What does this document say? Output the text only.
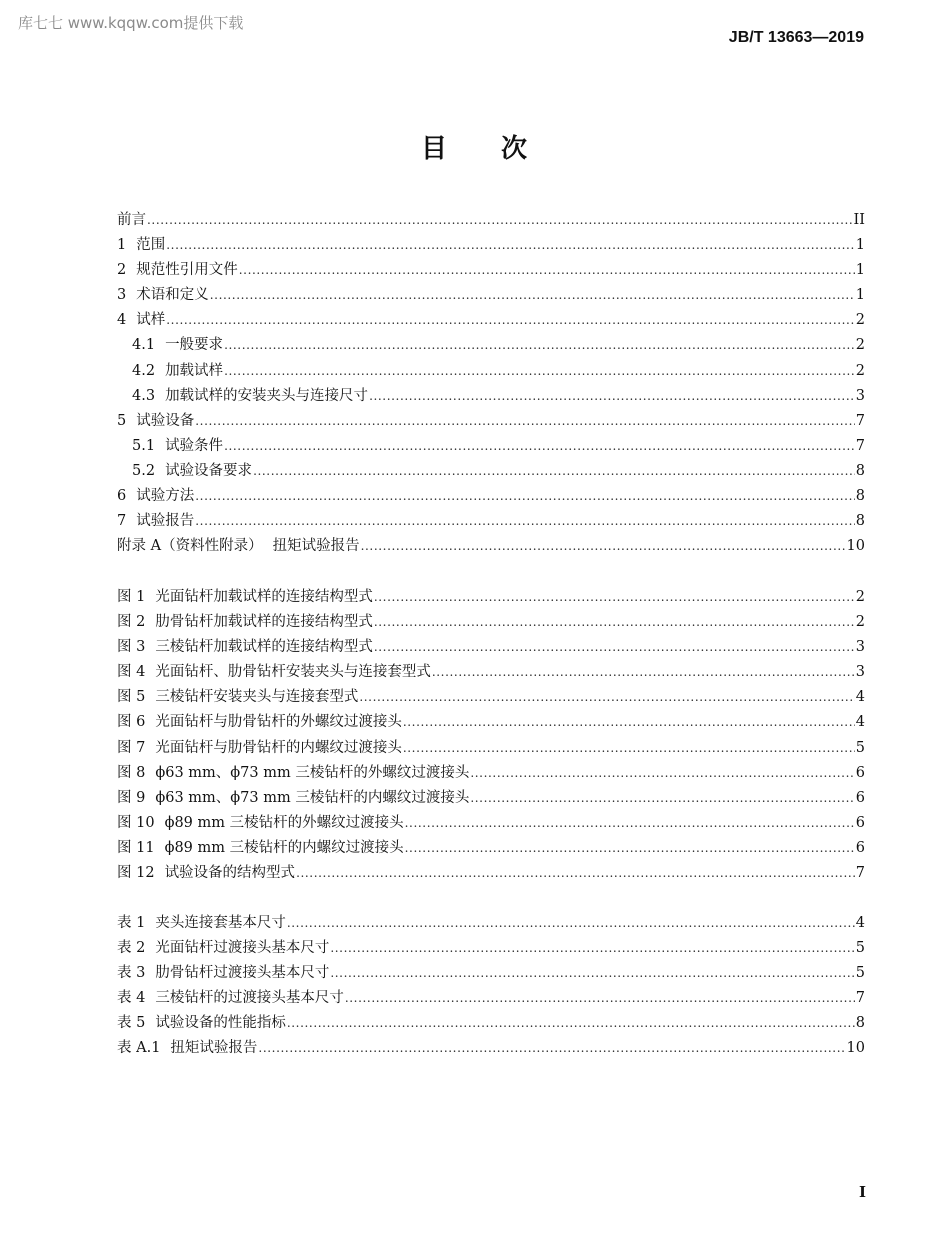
库七七 www.kqqw.com提供下载
JB/T 13663—2019
目 次
前言 .....	II
1 范围 .....	1
2 规范性引用文件 .....	1
3 术语和定义 .....	1
4 试样 .....	2
4.1 一般要求 .....	2
4.2 加载试样 .....	2
4.3 加载试样的安装夹头与连接尺寸 .....	3
5 试验设备 .....	7
5.1 试验条件 .....	7
5.2 试验设备要求 .....	8
6 试验方法 .....	8
7 试验报告 .....	8
附录 A（资料性附录） 扭矩试验报告 .....	10
图 1 光面钻杆加载试样的连接结构型式 .....	2
图 2 肋骨钻杆加载试样的连接结构型式 .....	2
图 3 三棱钻杆加载试样的连接结构型式 .....	3
图 4 光面钻杆、肋骨钻杆安装夹头与连接套型式 .....	3
图 5 三棱钻杆安装夹头与连接套型式 .....	4
图 6 光面钻杆与肋骨钻杆的外螺纹过渡接头 .....	4
图 7 光面钻杆与肋骨钻杆的内螺纹过渡接头 .....	5
图 8 ϕ63 mm、ϕ73 mm 三棱钻杆的外螺纹过渡接头 .....	6
图 9 ϕ63 mm、ϕ73 mm 三棱钻杆的内螺纹过渡接头 .....	6
图 10 ϕ89 mm 三棱钻杆的外螺纹过渡接头 .....	6
图 11 ϕ89 mm 三棱钻杆的内螺纹过渡接头 .....	6
图 12 试验设备的结构型式 .....	7
表 1 夹头连接套基本尺寸 .....	4
表 2 光面钻杆过渡接头基本尺寸 .....	5
表 3 肋骨钻杆过渡接头基本尺寸 .....	5
表 4 三棱钻杆的过渡接头基本尺寸 .....	7
表 5 试验设备的性能指标 .....	8
表 A.1 扭矩试验报告 .....	10
I
